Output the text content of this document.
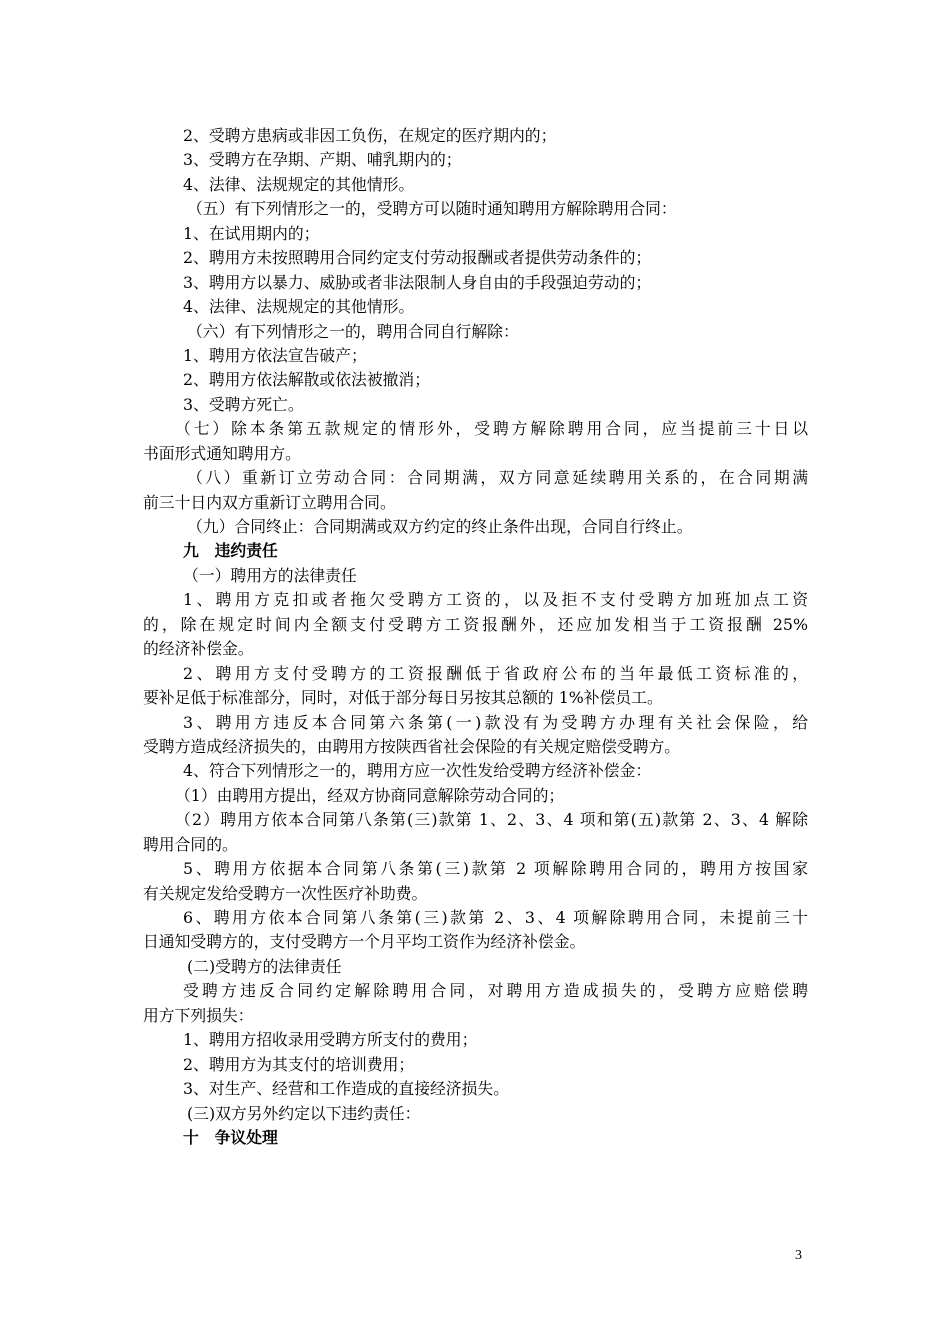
2、受聘方患病或非因工负伤，在规定的医疗期内的；
3、受聘方在孕期、产期、哺乳期内的；
4、法律、法规规定的其他情形。
（五）有下列情形之一的，受聘方可以随时通知聘用方解除聘用合同：
1、在试用期内的；
2、聘用方未按照聘用合同约定支付劳动报酬或者提供劳动条件的；
3、聘用方以暴力、威胁或者非法限制人身自由的手段强迫劳动的；
4、法律、法规规定的其他情形。
（六）有下列情形之一的，聘用合同自行解除：
1、聘用方依法宣告破产；
2、聘用方依法解散或依法被撤消；
3、受聘方死亡。
（七）除本条第五款规定的情形外，受聘方解除聘用合同，应当提前三十日以
书面形式通知聘用方。
（八）重新订立劳动合同：合同期满，双方同意延续聘用关系的，在合同期满
前三十日内双方重新订立聘用合同。
（九）合同终止：合同期满或双方约定的终止条件出现，合同自行终止。
九　违约责任
（一）聘用方的法律责任
1、聘用方克扣或者拖欠受聘方工资的，以及拒不支付受聘方加班加点工资
的，除在规定时间内全额支付受聘方工资报酬外，还应加发相当于工资报酬 25%
的经济补偿金。
2、聘用方支付受聘方的工资报酬低于省政府公布的当年最低工资标准的，
要补足低于标准部分，同时，对低于部分每日另按其总额的 1%补偿员工。
3、聘用方违反本合同第六条第(一)款没有为受聘方办理有关社会保险，给
受聘方造成经济损失的，由聘用方按陕西省社会保险的有关规定赔偿受聘方。
4、符合下列情形之一的，聘用方应一次性发给受聘方经济补偿金：
（1）由聘用方提出，经双方协商同意解除劳动合同的；
（2）聘用方依本合同第八条第(三)款第 1、2、3、4 项和第(五)款第 2、3、4 解除
聘用合同的。
5、聘用方依据本合同第八条第(三)款第 2 项解除聘用合同的，聘用方按国家
有关规定发给受聘方一次性医疗补助费。
6、聘用方依本合同第八条第(三)款第 2、3、4 项解除聘用合同，未提前三十
日通知受聘方的，支付受聘方一个月平均工资作为经济补偿金。
(二)受聘方的法律责任
受聘方违反合同约定解除聘用合同，对聘用方造成损失的，受聘方应赔偿聘
用方下列损失：
1、聘用方招收录用受聘方所支付的费用；
2、聘用方为其支付的培训费用；
3、对生产、经营和工作造成的直接经济损失。
(三)双方另外约定以下违约责任：
十　争议处理
3
